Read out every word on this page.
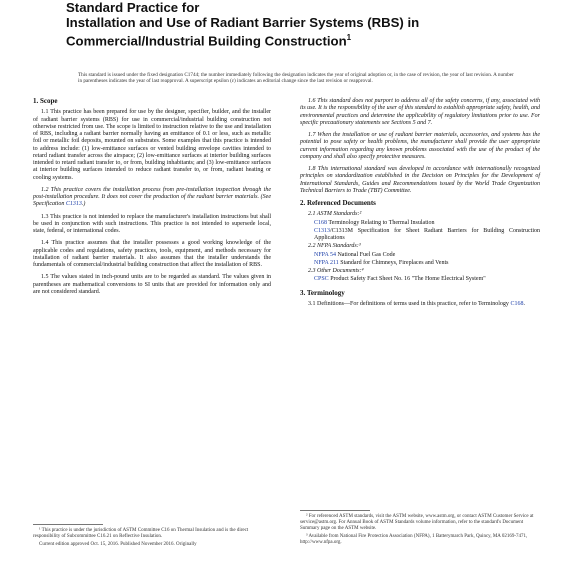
Standard Practice for
Installation and Use of Radiant Barrier Systems (RBS) in
Commercial/Industrial Building Construction$^1$
This standard is issued under the fixed designation C1744; the number immediately following the designation indicates the year of original adoption or, in the case of revision, the year of last revision. A number in parentheses indicates the year of last reapproval. A superscript epsilon (ε) indicates an editorial change since the last revision or reapproval.
1. Scope

1.1 This practice has been prepared for use by the designer, specifier, builder, and the installer of radiant barrier systems (RBS) for use in commercial/industrial building construction not otherwise restricted from use. The scope is limited to instruction relative to the use and installation of RBS, including a radiant barrier normally having an emittance of 0.1 or less, such as metallic foil or metallic foil deposits, mounted on substrates. Some examples that this practice is intended to address include: (1) low-emittance surfaces or vented building envelope cavities intended to retard radiant transfer across the airspace; (2) low-emittance surfaces at interior building surfaces intended to retard radiant transfer to, or from, building inhabitants; and (3) low-emittance surfaces at interior building surfaces intended to reduce radiant transfer to, or from, radiant heating or cooling systems.

1.2 This practice covers the installation process from pre-installation inspection through the post-installation procedure. It does not cover the production of the radiant barrier materials. (See Specification C1313.)

1.3 This practice is not intended to replace the manufacturer's installation instructions but shall be used in conjunction with such instructions. This practice is not intended to supersede local, state, federal, or international codes.

1.4 This practice assumes that the installer possesses a good working knowledge of the applicable codes and regulations, safety practices, tools, equipment, and methods necessary for installation of radiant barrier materials. It also assumes that the installer understands the fundamentals of commercial/industrial building construction that affect the installation of RBS.

1.5 The values stated in inch-pound units are to be regarded as standard. The values given in parentheses are mathematical conversions to SI units that are provided for information only and are not considered standard.

¹ This practice is under the jurisdiction of ASTM Committee C16 on Thermal Insulation and is the direct responsibility of Subcommittee C16.21 on Reflective Insulation.

Current edition approved Oct. 15, 2016. Published November 2016. Originally

1.6 This standard does not purport to address all of the safety concerns, if any, associated with its use. It is the responsibility of the user of this standard to establish appropriate safety, health, and environmental practices and determine the applicability of regulatory limitations prior to use. For specific precautionary statements see Sections 5 and 7.

1.7 When the installation or use of radiant barrier materials, accessories, and systems has the potential to pose safety or health problems, the manufacturer shall provide the user appropriate current information regarding any known problems associated with the use of the product of the company and shall also specify protective measures.

1.8 This international standard was developed in accordance with internationally recognized principles on standardization established in the Decision on Principles for the Development of International Standards, Guides and Recommendations issued by the World Trade Organization Technical Barriers to Trade (TBT) Committee.

2. Referenced Documents
2.1 ASTM Standards:²
C168 Terminology Relating to Thermal Insulation
C1313/C1313M Specification for Sheet Radiant Barriers for Building Construction Applications
2.2 NFPA Standards:³
NFPA 54 National Fuel Gas Code
NFPA 211 Standard for Chimneys, Fireplaces and Vents
2.3 Other Documents:⁴
CPSC Product Safety Fact Sheet No. 16 "The Home Electrical System"
3. Terminology

3.1 Definitions—For definitions of terms used in this practice, refer to Terminology C168.

² For referenced ASTM standards, visit the ASTM website, www.astm.org, or contact ASTM Customer Service at service@astm.org. For Annual Book of ASTM Standards volume information, refer to the standard's Document Summary page on the ASTM website.

³ Available from National Fire Protection Association (NFPA), 1 Batterymarch Park, Quincy, MA 02169-7471, http://www.nfpa.org.
